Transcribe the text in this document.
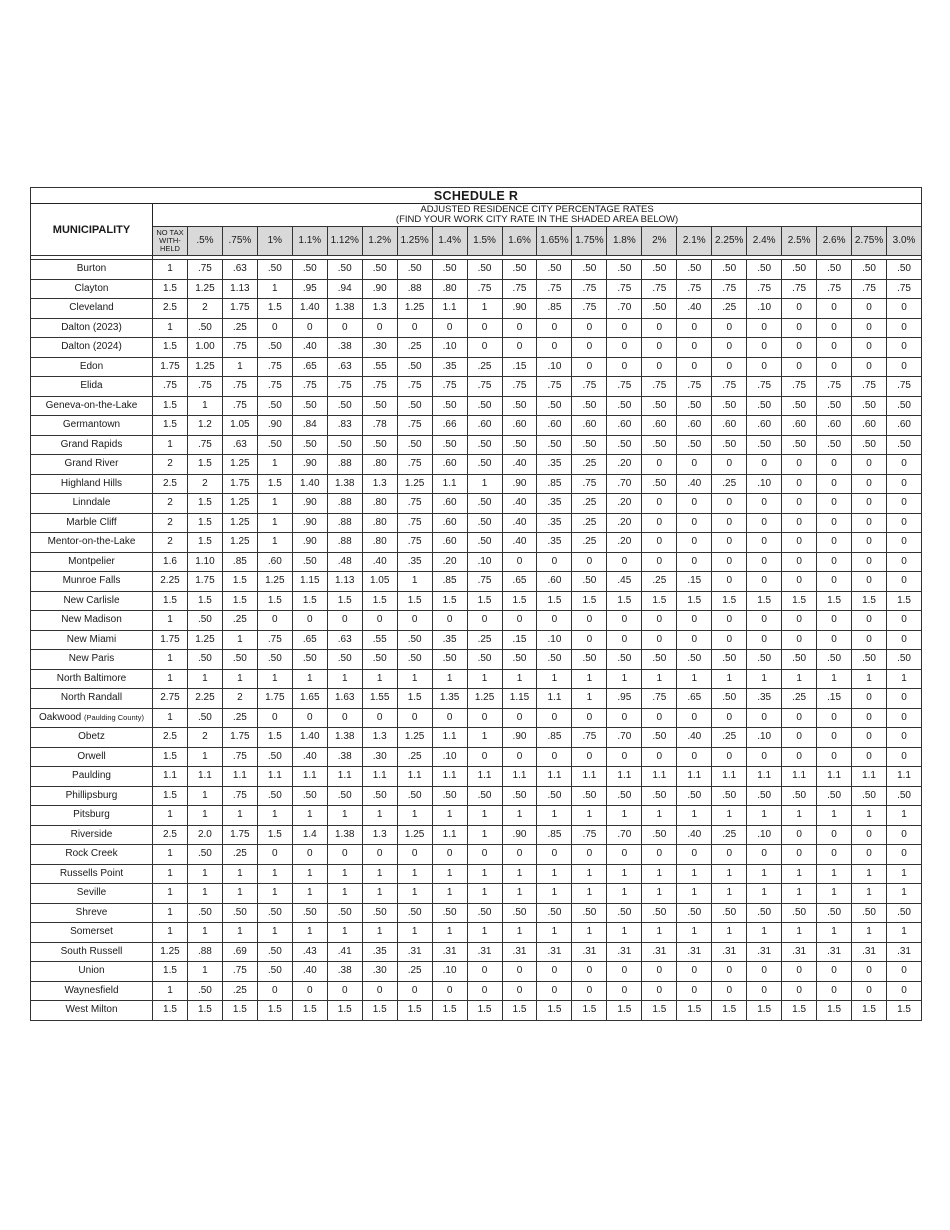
SCHEDULE R																						
MUNICIPALITY	ADJUSTED RESIDENCE CITY PERCENTAGE RATES
(FIND YOUR WORK CITY RATE IN THE SHADED AREA BELOW)																					

	NO TAX
WITH-
HELD	.5%	.75%	1%	1.1%	1.12%	1.2%	1.25%	1.4%	1.5%	1.6%	1.65%	1.75%	1.8%	2%	2.1%	2.25%	2.4%	2.5%	2.6%	2.75%	3.0%

Burton	1	.75	.63	.50	.50	.50	.50	.50	.50	.50	.50	.50	.50	.50	.50	.50	.50	.50	.50	.50	.50	.50
Clayton	1.5	1.25	1.13	1	.95	.94	.90	.88	.80	.75	.75	.75	.75	.75	.75	.75	.75	.75	.75	.75	.75	.75
Cleveland	2.5	2	1.75	1.5	1.40	1.38	1.3	1.25	1.1	1	.90	.85	.75	.70	.50	.40	.25	.10	0	0	0	0
Dalton (2023)	1	.50	.25	0	0	0	0	0	0	0	0	0	0	0	0	0	0	0	0	0	0	0
Dalton (2024)	1.5	1.00	.75	.50	.40	.38	.30	.25	.10	0	0	0	0	0	0	0	0	0	0	0	0	0
Edon	1.75	1.25	1	.75	.65	.63	.55	.50	.35	.25	.15	.10	0	0	0	0	0	0	0	0	0	0
Elida	.75	.75	.75	.75	.75	.75	.75	.75	.75	.75	.75	.75	.75	.75	.75	.75	.75	.75	.75	.75	.75	.75
Geneva-on-the-Lake	1.5	1	.75	.50	.50	.50	.50	.50	.50	.50	.50	.50	.50	.50	.50	.50	.50	.50	.50	.50	.50	.50
Germantown	1.5	1.2	1.05	.90	.84	.83	.78	.75	.66	.60	.60	.60	.60	.60	.60	.60	.60	.60	.60	.60	.60	.60
Grand Rapids	1	.75	.63	.50	.50	.50	.50	.50	.50	.50	.50	.50	.50	.50	.50	.50	.50	.50	.50	.50	.50	.50
Grand River	2	1.5	1.25	1	.90	.88	.80	.75	.60	.50	.40	.35	.25	.20	0	0	0	0	0	0	0	0
Highland Hills	2.5	2	1.75	1.5	1.40	1.38	1.3	1.25	1.1	1	.90	.85	.75	.70	.50	.40	.25	.10	0	0	0	0
Linndale	2	1.5	1.25	1	.90	.88	.80	.75	.60	.50	.40	.35	.25	.20	0	0	0	0	0	0	0	0
Marble Cliff	2	1.5	1.25	1	.90	.88	.80	.75	.60	.50	.40	.35	.25	.20	0	0	0	0	0	0	0	0
Mentor-on-the-Lake	2	1.5	1.25	1	.90	.88	.80	.75	.60	.50	.40	.35	.25	.20	0	0	0	0	0	0	0	0
Montpelier	1.6	1.10	.85	.60	.50	.48	.40	.35	.20	.10	0	0	0	0	0	0	0	0	0	0	0	0
Munroe Falls	2.25	1.75	1.5	1.25	1.15	1.13	1.05	1	.85	.75	.65	.60	.50	.45	.25	.15	0	0	0	0	0	0
New Carlisle	1.5	1.5	1.5	1.5	1.5	1.5	1.5	1.5	1.5	1.5	1.5	1.5	1.5	1.5	1.5	1.5	1.5	1.5	1.5	1.5	1.5	1.5
New Madison	1	.50	.25	0	0	0	0	0	0	0	0	0	0	0	0	0	0	0	0	0	0	0
New Miami	1.75	1.25	1	.75	.65	.63	.55	.50	.35	.25	.15	.10	0	0	0	0	0	0	0	0	0	0
New Paris	1	.50	.50	.50	.50	.50	.50	.50	.50	.50	.50	.50	.50	.50	.50	.50	.50	.50	.50	.50	.50	.50
North Baltimore	1	1	1	1	1	1	1	1	1	1	1	1	1	1	1	1	1	1	1	1	1	1
North Randall	2.75	2.25	2	1.75	1.65	1.63	1.55	1.5	1.35	1.25	1.15	1.1	1	.95	.75	.65	.50	.35	.25	.15	0	0
Oakwood (Paulding County)	1	.50	.25	0	0	0	0	0	0	0	0	0	0	0	0	0	0	0	0	0	0	0
Obetz	2.5	2	1.75	1.5	1.40	1.38	1.3	1.25	1.1	1	.90	.85	.75	.70	.50	.40	.25	.10	0	0	0	0
Orwell	1.5	1	.75	.50	.40	.38	.30	.25	.10	0	0	0	0	0	0	0	0	0	0	0	0	0
Paulding	1.1	1.1	1.1	1.1	1.1	1.1	1.1	1.1	1.1	1.1	1.1	1.1	1.1	1.1	1.1	1.1	1.1	1.1	1.1	1.1	1.1	1.1
Phillipsburg	1.5	1	.75	.50	.50	.50	.50	.50	.50	.50	.50	.50	.50	.50	.50	.50	.50	.50	.50	.50	.50	.50
Pitsburg	1	1	1	1	1	1	1	1	1	1	1	1	1	1	1	1	1	1	1	1	1	1
Riverside	2.5	2.0	1.75	1.5	1.4	1.38	1.3	1.25	1.1	1	.90	.85	.75	.70	.50	.40	.25	.10	0	0	0	0
Rock Creek	1	.50	.25	0	0	0	0	0	0	0	0	0	0	0	0	0	0	0	0	0	0	0
Russells Point	1	1	1	1	1	1	1	1	1	1	1	1	1	1	1	1	1	1	1	1	1	1
Seville	1	1	1	1	1	1	1	1	1	1	1	1	1	1	1	1	1	1	1	1	1	1
Shreve	1	.50	.50	.50	.50	.50	.50	.50	.50	.50	.50	.50	.50	.50	.50	.50	.50	.50	.50	.50	.50	.50
Somerset	1	1	1	1	1	1	1	1	1	1	1	1	1	1	1	1	1	1	1	1	1	1
South Russell	1.25	.88	.69	.50	.43	.41	.35	.31	.31	.31	.31	.31	.31	.31	.31	.31	.31	.31	.31	.31	.31	.31
Union	1.5	1	.75	.50	.40	.38	.30	.25	.10	0	0	0	0	0	0	0	0	0	0	0	0	0
Waynesfield	1	.50	.25	0	0	0	0	0	0	0	0	0	0	0	0	0	0	0	0	0	0	0
West Milton	1.5	1.5	1.5	1.5	1.5	1.5	1.5	1.5	1.5	1.5	1.5	1.5	1.5	1.5	1.5	1.5	1.5	1.5	1.5	1.5	1.5	1.5
